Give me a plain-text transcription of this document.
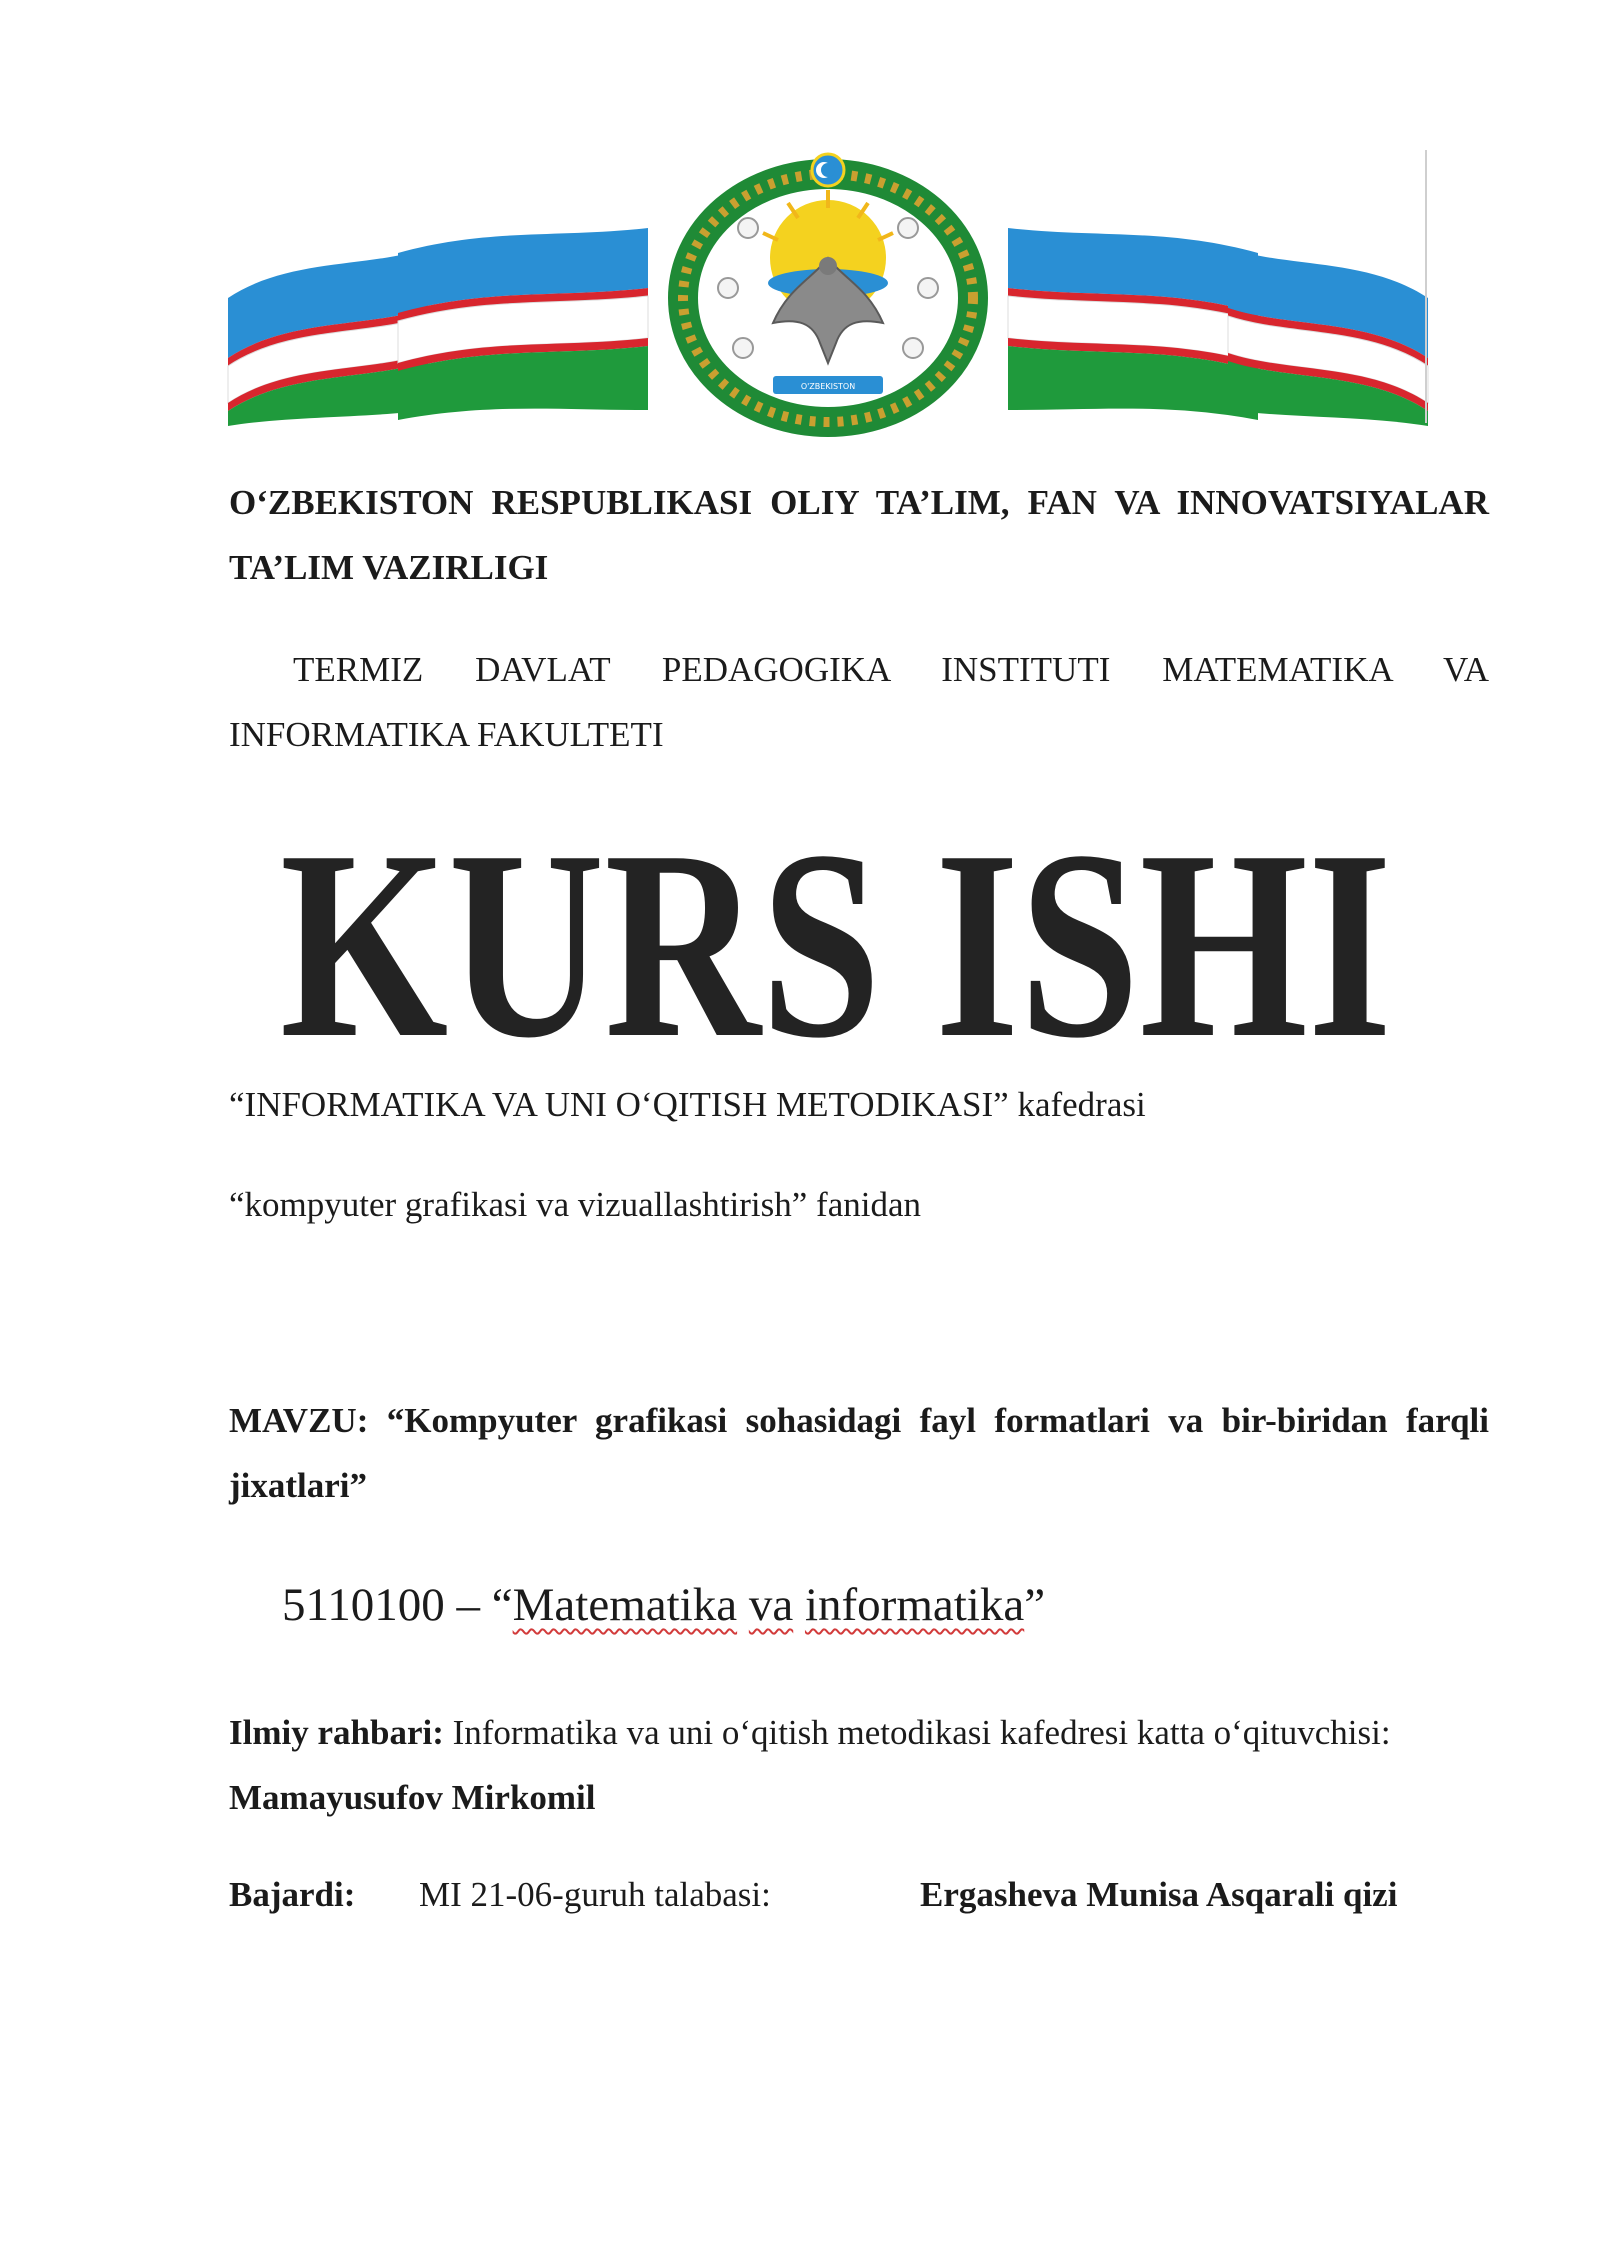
O'ZBEKISTON
O‘ZBEKISTON RESPUBLIKASI OLIY TA’LIM, FAN VA INNOVATSIYALAR TA’LIM VAZIRLIGI
TERMIZ DAVLAT PEDAGOGIKA INSTITUTI MATEMATIKA VA INFORMATIKA FAKULTETI
KURS ISHI
“INFORMATIKA VA UNI O‘QITISH METODIKASI” kafedrasi
“kompyuter grafikasi va vizuallashtirish” fanidan
MAVZU: “Kompyuter grafikasi sohasidagi fayl formatlari va bir-biridan farqli jixatlari”
5110100 – “Matematika va informatika”
Ilmiy rahbari: Informatika va uni o‘qitish metodikasi kafedresi katta o‘qituvchisi:
Mamayusufov Mirkomil
Bajardi: MI 21-06-guruh talabasi:	Ergasheva Munisa Asqarali qizi
